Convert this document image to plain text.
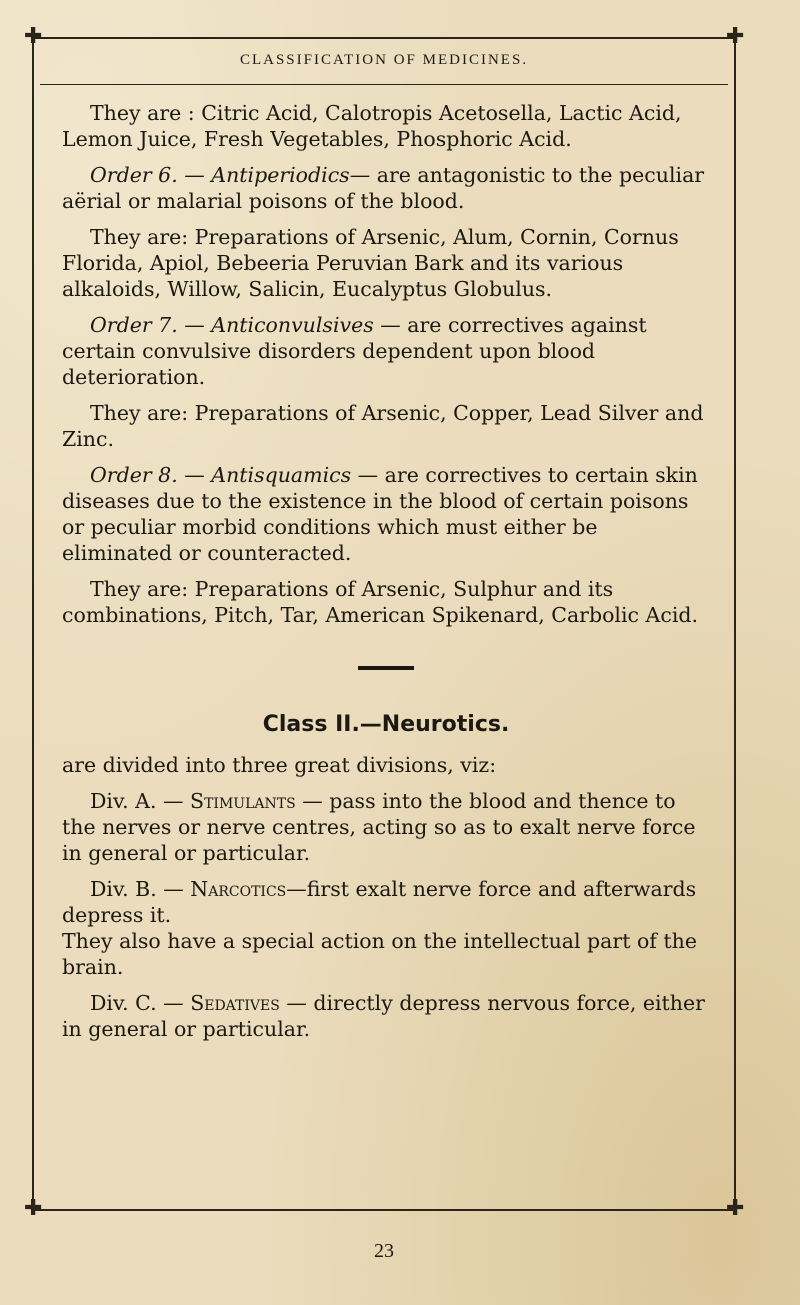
✚	✚
✚	✚
CLASSIFICATION OF MEDICINES.

They are : Citric Acid, Calotropis Acetosella, Lactic Acid, Lemon Juice, Fresh Vegetables, Phosphoric Acid.

Order 6. — Antiperiodics— are antagonistic to the peculiar aërial or malarial poisons of the blood.

They are: Preparations of Arsenic, Alum, Cornin, Cornus Florida, Apiol, Bebeeria Peruvian Bark and its various alkaloids, Willow, Salicin, Eucalyptus Globulus.

Order 7. — Anticonvulsives — are correctives against certain convulsive disorders dependent upon blood deterioration.

They are: Preparations of Arsenic, Copper, Lead Silver and Zinc.

Order 8. — Antisquamics — are correctives to certain skin diseases due to the existence in the blood of certain poisons or peculiar morbid conditions which must either be eliminated or counteracted.

They are: Preparations of Arsenic, Sulphur and its combinations, Pitch, Tar, American Spikenard, Carbolic Acid.

Class II.—Neurotics.

are divided into three great divisions, viz:

Div. A. — Stimulants — pass into the blood and thence to the nerves or nerve centres, acting so as to exalt nerve force in general or particular.

Div. B. — Narcotics—first exalt nerve force and afterwards depress it.

They also have a special action on the intellectual part of the brain.

Div. C. — Sedatives — directly depress nervous force, either in general or particular.

23
